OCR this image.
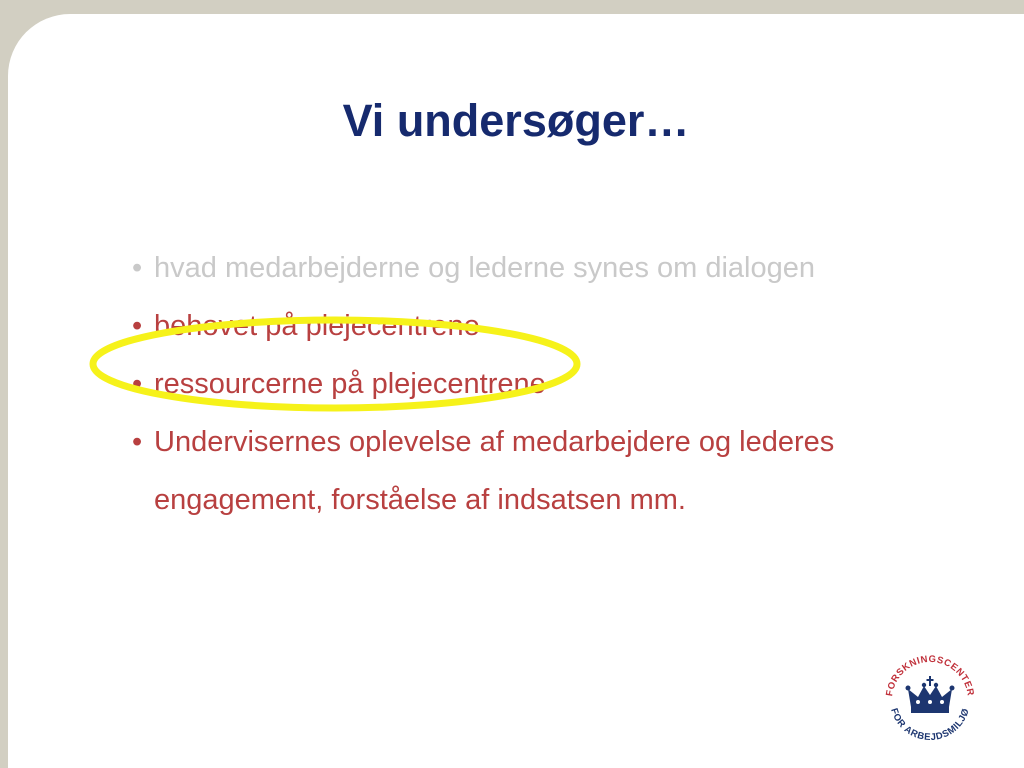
Vi undersøger…
• hvad medarbejderne og lederne synes om dialogen
• behovet på plejecentrene
• ressourcerne på plejecentrene
• Undervisernes oplevelse af medarbejdere og lederes engagement, forståelse af indsatsen mm.
FORSKNINGSCENTER
FOR ARBEJDSMILJØ
